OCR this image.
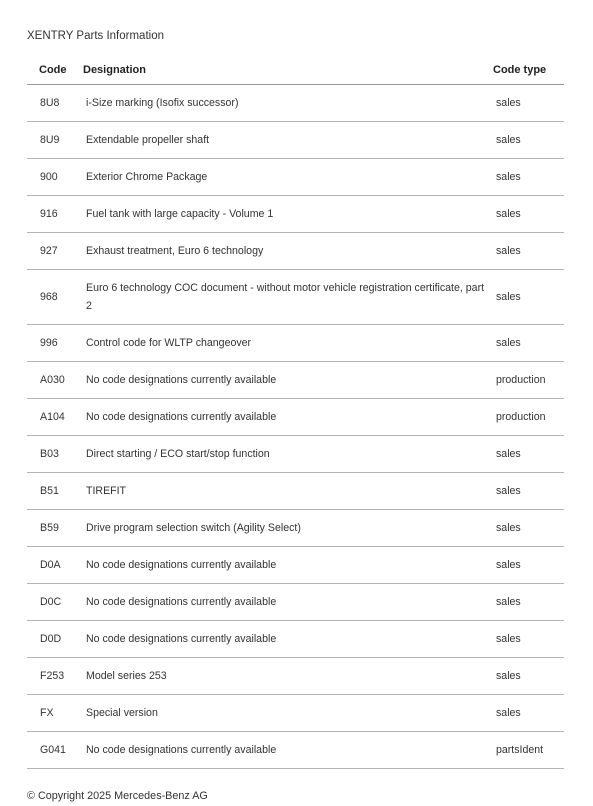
XENTRY Parts Information
Code	Designation	Code type
8U8	i-Size marking (Isofix successor)	sales
8U9	Extendable propeller shaft	sales
900	Exterior Chrome Package	sales
916	Fuel tank with large capacity - Volume 1	sales
927	Exhaust treatment, Euro 6 technology	sales
968	Euro 6 technology COC document - without motor vehicle registration certificate, part 2	sales
996	Control code for WLTP changeover	sales
A030	No code designations currently available	production
A104	No code designations currently available	production
B03	Direct starting / ECO start/stop function	sales
B51	TIREFIT	sales
B59	Drive program selection switch (Agility Select)	sales
D0A	No code designations currently available	sales
D0C	No code designations currently available	sales
D0D	No code designations currently available	sales
F253	Model series 253	sales
FX	Special version	sales
G041	No code designations currently available	partsIdent
© Copyright 2025 Mercedes-Benz AG
